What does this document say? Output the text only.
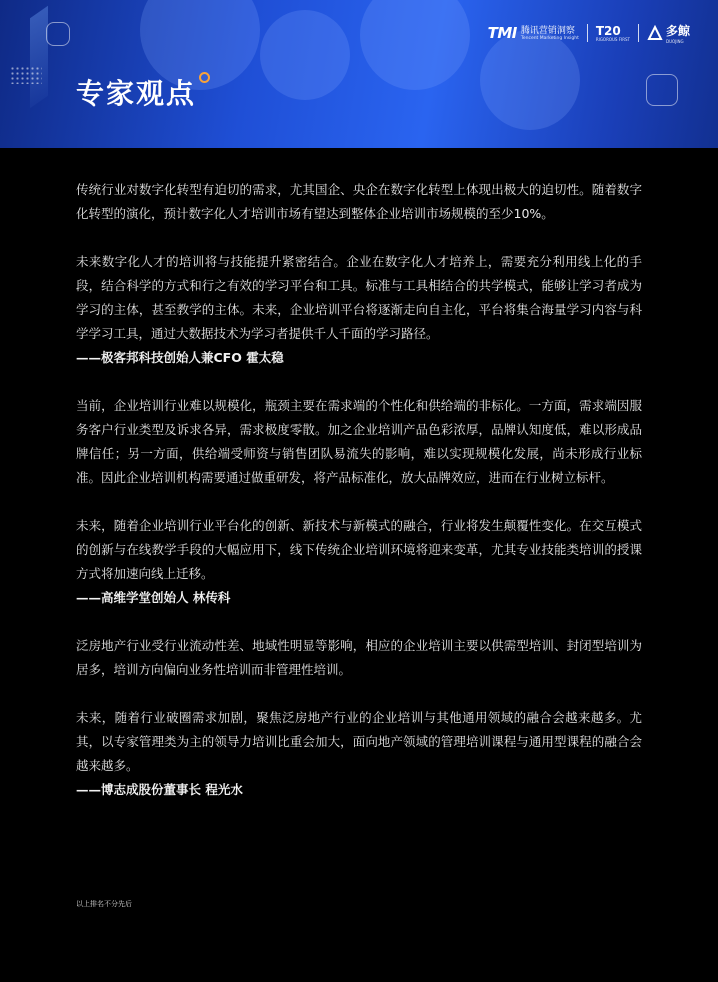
专家观点
TMI 腾讯营销洞察
Tencent Marketing Insight
T20
RIGOROUS FIRST
多鲸
DUOJING

传统行业对数字化转型有迫切的需求，尤其国企、央企在数字化转型上体现出极大的迫切性。随着数字化转型的演化，预计数字化人才培训市场有望达到整体企业培训市场规模的至少10%。

未来数字化人才的培训将与技能提升紧密结合。企业在数字化人才培养上，需要充分利用线上化的手段，结合科学的方式和行之有效的学习平台和工具。标准与工具相结合的共学模式，能够让学习者成为学习的主体，甚至教学的主体。未来，企业培训平台将逐渐走向自主化，平台将集合海量学习内容与科学学习工具，通过大数据技术为学习者提供千人千面的学习路径。

——极客邦科技创始人兼CFO 霍太稳

当前，企业培训行业难以规模化，瓶颈主要在需求端的个性化和供给端的非标化。一方面，需求端因服务客户行业类型及诉求各异，需求极度零散。加之企业培训产品色彩浓厚，品牌认知度低，难以形成品牌信任；另一方面，供给端受师资与销售团队易流失的影响，难以实现规模化发展，尚未形成行业标准。因此企业培训机构需要通过做重研发，将产品标准化，放大品牌效应，进而在行业树立标杆。

未来，随着企业培训行业平台化的创新、新技术与新模式的融合，行业将发生颠覆性变化。在交互模式的创新与在线教学手段的大幅应用下，线下传统企业培训环境将迎来变革，尤其专业技能类培训的授课方式将加速向线上迁移。

——高维学堂创始人 林传科

泛房地产行业受行业流动性差、地域性明显等影响，相应的企业培训主要以供需型培训、封闭型培训为居多，培训方向偏向业务性培训而非管理性培训。

未来，随着行业破圈需求加剧，聚焦泛房地产行业的企业培训与其他通用领域的融合会越来越多。尤其，以专家管理类为主的领导力培训比重会加大，面向地产领域的管理培训课程与通用型课程的融合会越来越多。

——博志成股份董事长 程光水

以上排名不分先后
